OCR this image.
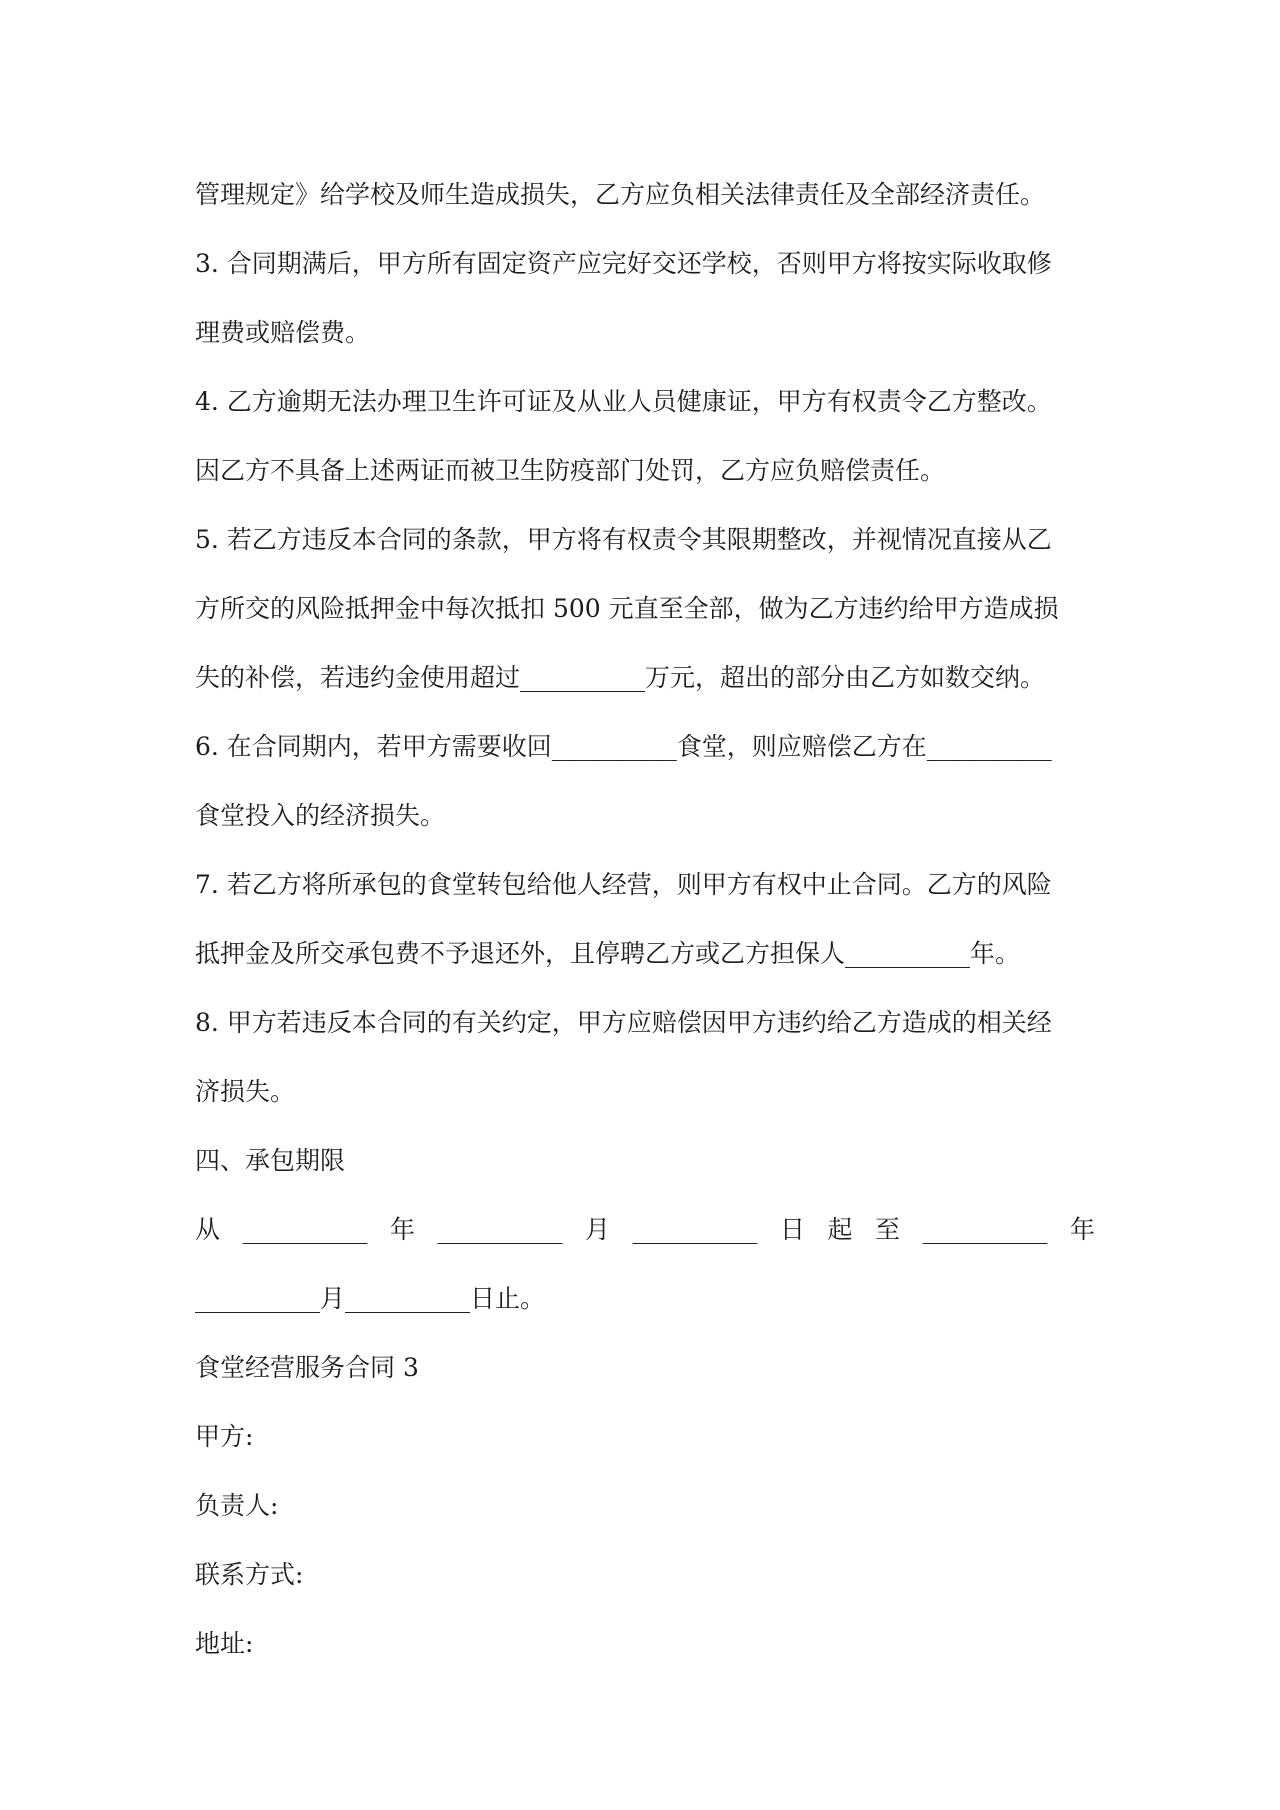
管理规定》给学校及师生造成损失，乙方应负相关法律责任及全部经济责任。
3. 合同期满后，甲方所有固定资产应完好交还学校，否则甲方将按实际收取修
理费或赔偿费。
4. 乙方逾期无法办理卫生许可证及从业人员健康证，甲方有权责令乙方整改。
因乙方不具备上述两证而被卫生防疫部门处罚，乙方应负赔偿责任。
5. 若乙方违反本合同的条款，甲方将有权责令其限期整改，并视情况直接从乙
方所交的风险抵押金中每次抵扣 500 元直至全部，做为乙方违约给甲方造成损
失的补偿，若违约金使用超过__________万元，超出的部分由乙方如数交纳。
6. 在合同期内，若甲方需要收回__________食堂，则应赔偿乙方在__________
食堂投入的经济损失。
7. 若乙方将所承包的食堂转包给他人经营，则甲方有权中止合同。乙方的风险
抵押金及所交承包费不予退还外，且停聘乙方或乙方担保人__________年。
8. 甲方若违反本合同的有关约定，甲方应赔偿因甲方违约给乙方造成的相关经
济损失。
四、承包期限
从 __________ 年 __________ 月 __________ 日 起 至 __________ 年
__________月__________日止。
食堂经营服务合同 3
甲方:
负责人:
联系方式:
地址:
